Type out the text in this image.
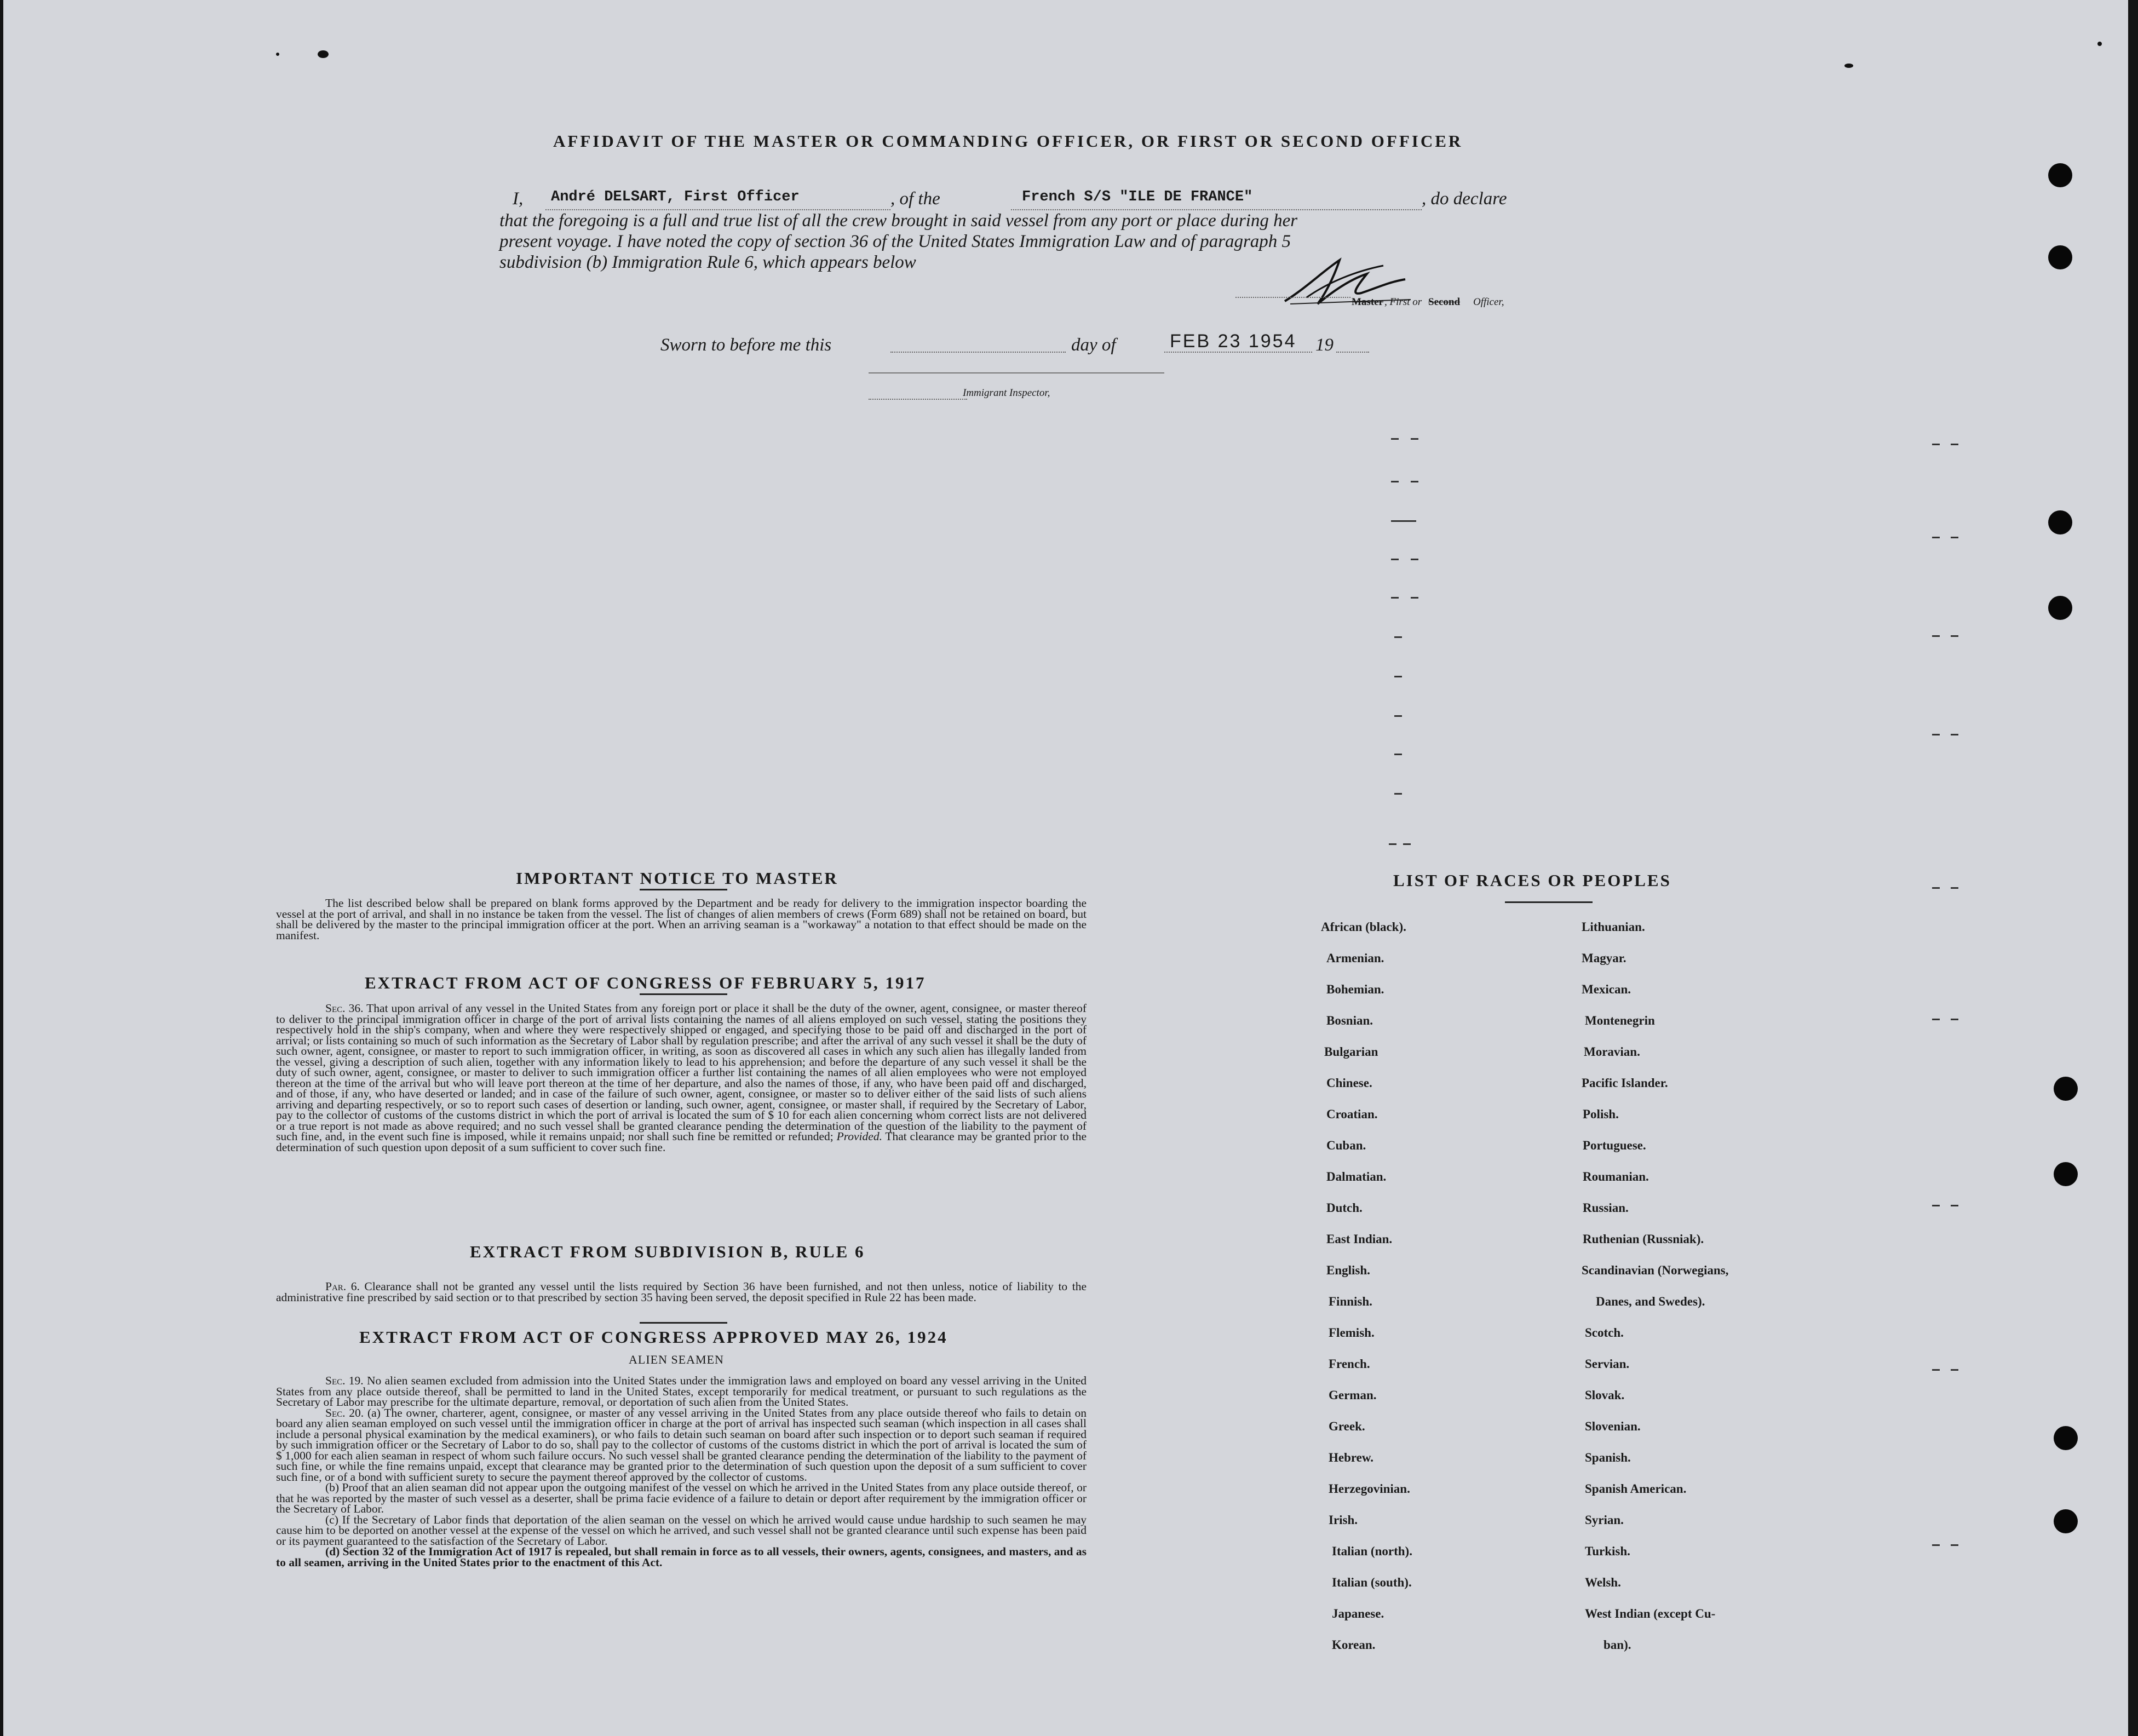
AFFIDAVIT OF THE MASTER OR COMMANDING OFFICER, OR FIRST OR SECOND OFFICER
I, André DELSART, First Officer	, of the	French S/S "ILE DE FRANCE"	, do declare
that the foregoing is a full and true list of all the crew brought in said vessel from any port or place during her
present voyage. I have noted the copy of section 36 of the United States Immigration Law and of paragraph 5
subdivision (b) Immigration Rule 6, which appears below
Master , First or Second Officer,
Sworn to before me this	day of	FEB 23 1954 19
Immigrant Inspector,
IMPORTANT NOTICE TO MASTER

The list described below shall be prepared on blank forms approved by the Department and be ready for delivery to the immigration inspector boarding the vessel at the port of arrival, and shall in no instance be taken from the vessel. The list of changes of alien members of crews (Form 689) shall not be retained on board, but shall be delivered by the master to the principal immigration officer at the port. When an arriving seaman is a "workaway" a notation to that effect should be made on the manifest.

EXTRACT FROM ACT OF CONGRESS OF FEBRUARY 5, 1917

Sec. 36. That upon arrival of any vessel in the United States from any foreign port or place it shall be the duty of the owner, agent, consignee, or master thereof to deliver to the principal immigration officer in charge of the port of arrival lists containing the names of all aliens employed on such vessel, stating the positions they respectively hold in the ship's company, when and where they were respectively shipped or engaged, and specifying those to be paid off and discharged in the port of arrival; or lists containing so much of such information as the Secretary of Labor shall by regulation prescribe; and after the arrival of any such vessel it shall be the duty of such owner, agent, consignee, or master to report to such immigration officer, in writing, as soon as discovered all cases in which any such alien has illegally landed from the vessel, giving a description of such alien, together with any information likely to lead to his apprehension; and before the departure of any such vessel it shall be the duty of such owner, agent, consignee, or master to deliver to such immigration officer a further list containing the names of all alien employees who were not employed thereon at the time of the arrival but who will leave port thereon at the time of her departure, and also the names of those, if any, who have been paid off and discharged, and of those, if any, who have deserted or landed; and in case of the failure of such owner, agent, consignee, or master so to deliver either of the said lists of such aliens arriving and departing respectively, or so to report such cases of desertion or landing, such owner, agent, consignee, or master shall, if required by the Secretary of Labor, pay to the collector of customs of the customs district in which the port of arrival is located the sum of $ 10 for each alien concerning whom correct lists are not delivered or a true report is not made as above required; and no such vessel shall be granted clearance pending the determination of the question of the liability to the payment of such fine, and, in the event such fine is imposed, while it remains unpaid; nor shall such fine be remitted or refunded; Provided. That clearance may be granted prior to the determination of such question upon deposit of a sum sufficient to cover such fine.

EXTRACT FROM SUBDIVISION B, RULE 6

Par. 6. Clearance shall not be granted any vessel until the lists required by Section 36 have been furnished, and not then unless, notice of liability to the administrative fine prescribed by said section or to that prescribed by section 35 having been served, the deposit specified in Rule 22 has been made.

EXTRACT FROM ACT OF CONGRESS APPROVED MAY 26, 1924
ALIEN SEAMEN

Sec. 19. No alien seamen excluded from admission into the United States under the immigration laws and employed on board any vessel arriving in the United States from any place outside thereof, shall be permitted to land in the United States, except temporarily for medical treatment, or pursuant to such regulations as the Secretary of Labor may prescribe for the ultimate departure, removal, or deportation of such alien from the United States.

Sec. 20. (a) The owner, charterer, agent, consignee, or master of any vessel arriving in the United States from any place outside thereof who fails to detain on board any alien seaman employed on such vessel until the immigration officer in charge at the port of arrival has inspected such seaman (which inspection in all cases shall include a personal physical examination by the medical examiners), or who fails to detain such seaman on board after such inspection or to deport such seaman if required by such immigration officer or the Secretary of Labor to do so, shall pay to the collector of customs of the customs district in which the port of arrival is located the sum of $ 1,000 for each alien seaman in respect of whom such failure occurs. No such vessel shall be granted clearance pending the determination of the liability to the payment of such fine, or while the fine remains unpaid, except that clearance may be granted prior to the determination of such question upon the deposit of a sum sufficient to cover such fine, or of a bond with sufficient surety to secure the payment thereof approved by the collector of customs.

(b) Proof that an alien seaman did not appear upon the outgoing manifest of the vessel on which he arrived in the United States from any place outside thereof, or that he was reported by the master of such vessel as a deserter, shall be prima facie evidence of a failure to detain or deport after requirement by the immigration officer or the Secretary of Labor.

(c) If the Secretary of Labor finds that deportation of the alien seaman on the vessel on which he arrived would cause undue hardship to such seamen he may cause him to be deported on another vessel at the expense of the vessel on which he arrived, and such vessel shall not be granted clearance until such expense has been paid or its payment guaranteed to the satisfaction of the Secretary of Labor.

(d) Section 32 of the Immigration Act of 1917 is repealed, but shall remain in force as to all vessels, their owners, agents, consignees, and masters, and as to all seamen, arriving in the United States prior to the enactment of this Act.

LIST OF RACES OR PEOPLES
African (black).
Armenian.
Bohemian.
Bosnian.
Bulgarian
Chinese.
Croatian.
Cuban.
Dalmatian.
Dutch.
East Indian.
English.
Finnish.
Flemish.
French.
German.
Greek.
Hebrew.
Herzegovinian.
Irish.
Italian (north).
Italian (south).
Japanese.
Korean.
Lithuanian.
Magyar.
Mexican.
Montenegrin
Moravian.
Pacific Islander.
Polish.
Portuguese.
Roumanian.
Russian.
Ruthenian (Russniak).
Scandinavian (Norwegians,
Danes, and Swedes).
Scotch.
Servian.
Slovak.
Slovenian.
Spanish.
Spanish American.
Syrian.
Turkish.
Welsh.
West Indian (except Cu-
ban).
